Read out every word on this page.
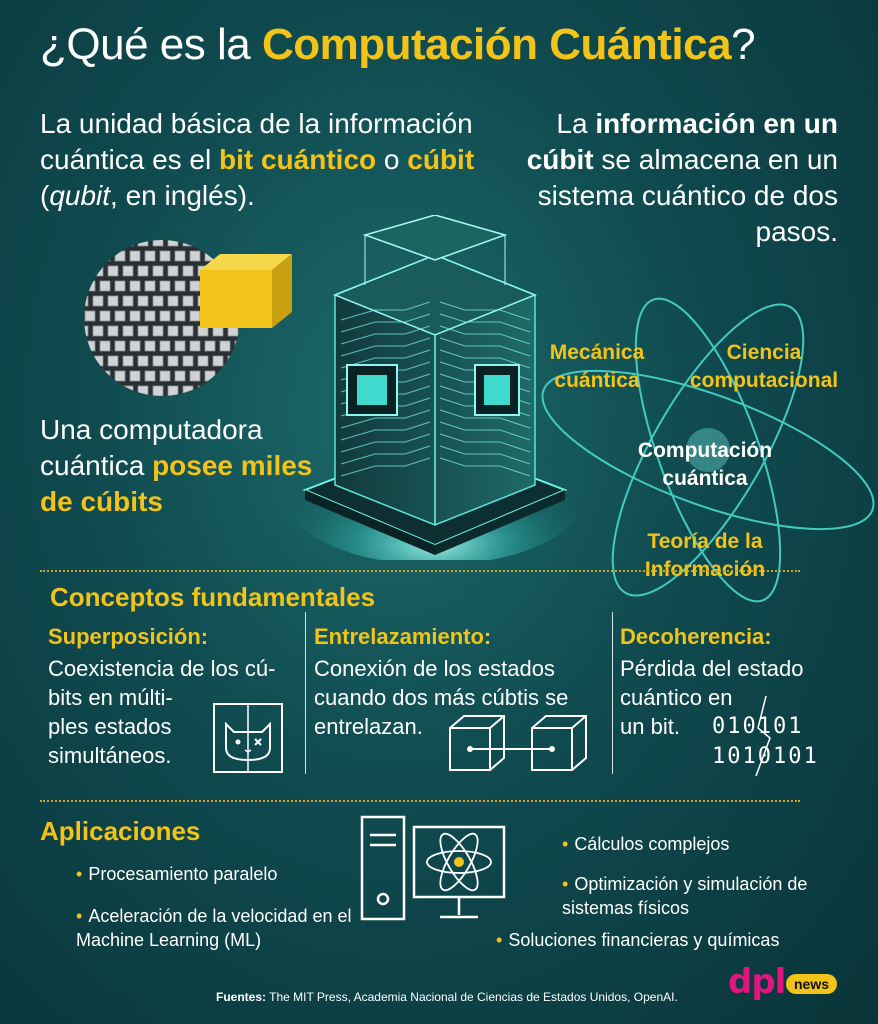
¿Qué es la Computación Cuántica?
La unidad básica de la información cuántica es el bit cuántico o cúbit (qubit, en inglés).
La información en un cúbit se almacena en un sistema cuántico de dos pasos.
Una computadora cuántica posee miles de cúbits
Mecánica
cuántica
Ciencia
computacional
Computación
cuántica
Teoría de la
Información
Conceptos fundamentales
Superposición:
Coexistencia de los cú-
bits en múlti-
ples estados
simultáneos.
Entrelazamiento:
Conexión de los estados
cuando dos más cúbtis se
entrelazan.
Decoherencia:
Pérdida del estado
cuántico en
un bit.	010101
1010101
Aplicaciones
• Procesamiento paralelo
• Aceleración de la velocidad en el Machine Learning (ML)
• Cálculos complejos
• Optimización y simulación de sistemas físicos
• Soluciones financieras y químicas
Fuentes: The MIT Press, Academia Nacional de Ciencias de Estados Unidos, OpenAI. dpl news
